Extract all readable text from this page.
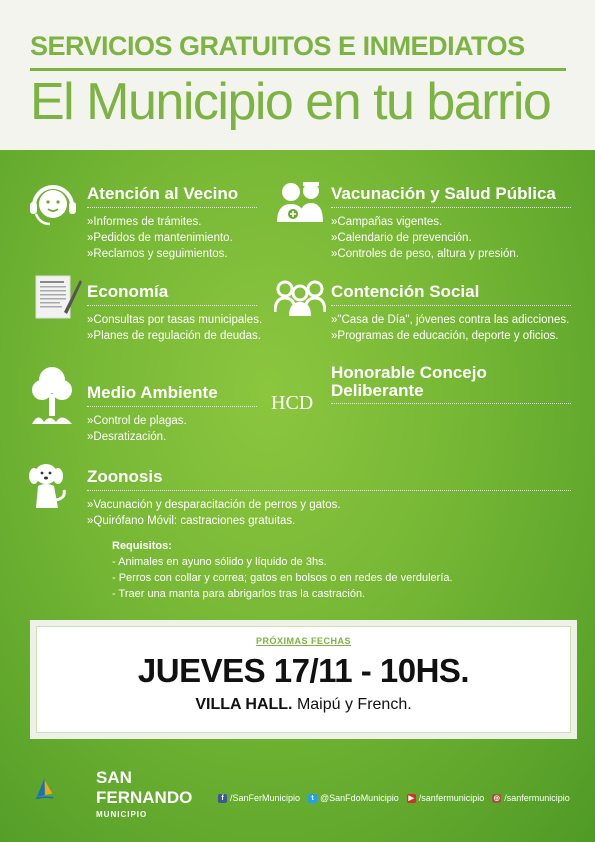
SERVICIOS GRATUITOS E INMEDIATOS
El Municipio en tu barrio
Atención al Vecino
»Informes de trámites.
»Pedidos de mantenimiento.
»Reclamos y seguimientos.
Vacunación y Salud Pública
»Campañas vigentes.
»Calendario de prevención.
»Controles de peso, altura y presión.
Economía
»Consultas por tasas municipales.
»Planes de regulación de deudas.
Contención Social
»"Casa de Día", jóvenes contra las adicciones.
»Programas de educación, deporte y oficios.
Medio Ambiente
»Control de plagas.
»Desratización.
HCD
Honorable Concejo
Deliberante
Zoonosis
»Vacunación y desparacitación de perros y gatos.
»Quirófano Móvil: castraciones gratuitas.
Requisitos:
- Animales en ayuno sólido y líquido de 3hs.
- Perros con collar y correa; gatos en bolsos o en redes de verdulería.
- Traer una manta para abrigarlos tras la castración.
PRÓXIMAS FECHAS
JUEVES 17/11 - 10HS.
VILLA HALL. Maipú y French.
SAN
FERNANDO
MUNICIPIO
f /SanFerMunicipio	t @SanFdoMunicipio ▶ /sanfermunicipio ◎ /sanfermunicipio
